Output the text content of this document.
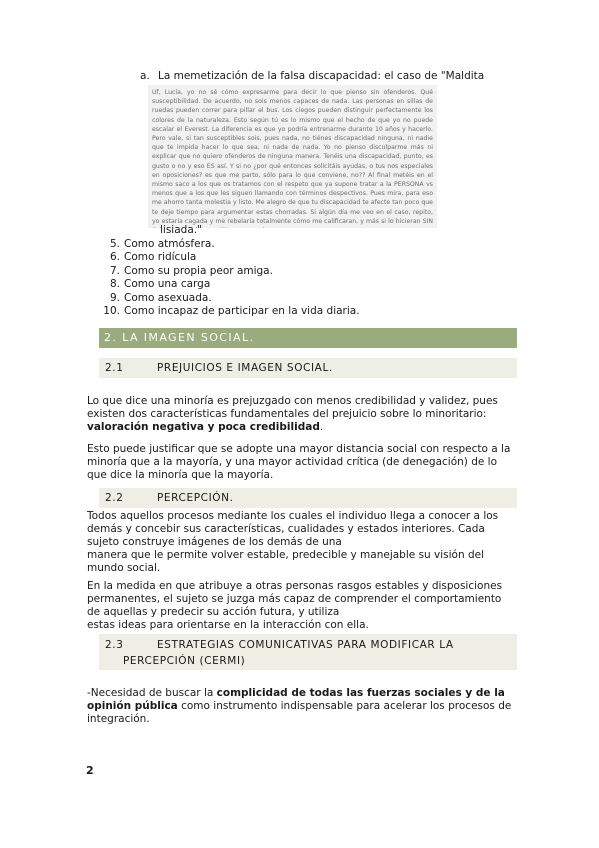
a. La memetización de la falsa discapacidad: el caso de "Maldita

Uf, Lucía, yo no sé cómo expresarme para decir lo que pienso sin ofenderos. Qué susceptibilidad. De acuerdo, no sois menos capaces de nada. Las personas en sillas de ruedas pueden correr para pillar el bus. Los ciegos pueden distinguir perfectamente los colores de la naturaleza. Esto según tú es lo mismo que el hecho de que yo no puede escalar el Everest. La diferencia es que yo podría entrenarme durante 10 años y hacerlo. Pero vale, si tan susceptibles sois, pues nada, no tiénes discapacidad ninguna, ni nadie que te impida hacer lo que sea, ni nada de nada. Yo no pienso disculparme más ni explicar que no quiero ofenderos de ninguna manera. Tenéis una discapacidad, punto, es gusto o no y eso ES así. Y si no ¿por qué entonces solicitáis ayudas, o tus nos especiales en oposiciones? es que me parto, sólo para lo que conviene, no?? Al final metéis en el mismo saco a los que os tratamos con el respeto que ya supone tratar a la PERSONA vs menos que a los que les siguen llamando con términos despectivos. Pues mira, para eso me ahorro tanta molestia y listo. Me alegro de que tu discapacidad te afecte tan poco que te deje tiempo para argumentar estas chorradas. Si algún día me veo en el caso, repito, yo estaría cagada y me rebelaría totalmente cómo me calificaran, y más si lo hicieran SIN

lisiada."
5. Como atmósfera.
6. Como ridícula
7. Como su propia peor amiga.
8. Como una carga
9. Como asexuada.
10. Como incapaz de participar en la vida diaria.
2. LA IMAGEN SOCIAL.
2.1	PREJUICIOS E IMAGEN SOCIAL.

Lo que dice una minoría es prejuzgado con menos credibilidad y validez, pues existen dos características fundamentales del prejuicio sobre lo minoritario: valoración negativa y poca credibilidad.

Esto puede justificar que se adopte una mayor distancia social con respecto a la minoría que a la mayoría, y una mayor actividad crítica (de denegación) de lo que dice la minoría que la mayoría.

2.2	PERCEPCIÓN.

Todos aquellos procesos mediante los cuales el individuo llega a conocer a los demás y concebir sus características, cualidades y estados interiores. Cada sujeto construye imágenes de los demás de una
manera que le permite volver estable, predecible y manejable su visión del mundo social.

En la medida en que atribuye a otras personas rasgos estables y disposiciones permanentes, el sujeto se juzga más capaz de comprender el comportamiento de aquellas y predecir su acción futura, y utiliza
estas ideas para orientarse en la interacción con ella.

2.3	ESTRATEGIAS COMUNICATIVAS PARA MODIFICAR LA
PERCEPCIÓN (CERMI)

-Necesidad de buscar la complicidad de todas las fuerzas sociales y de la opinión pública como instrumento indispensable para acelerar los procesos de integración.

2
